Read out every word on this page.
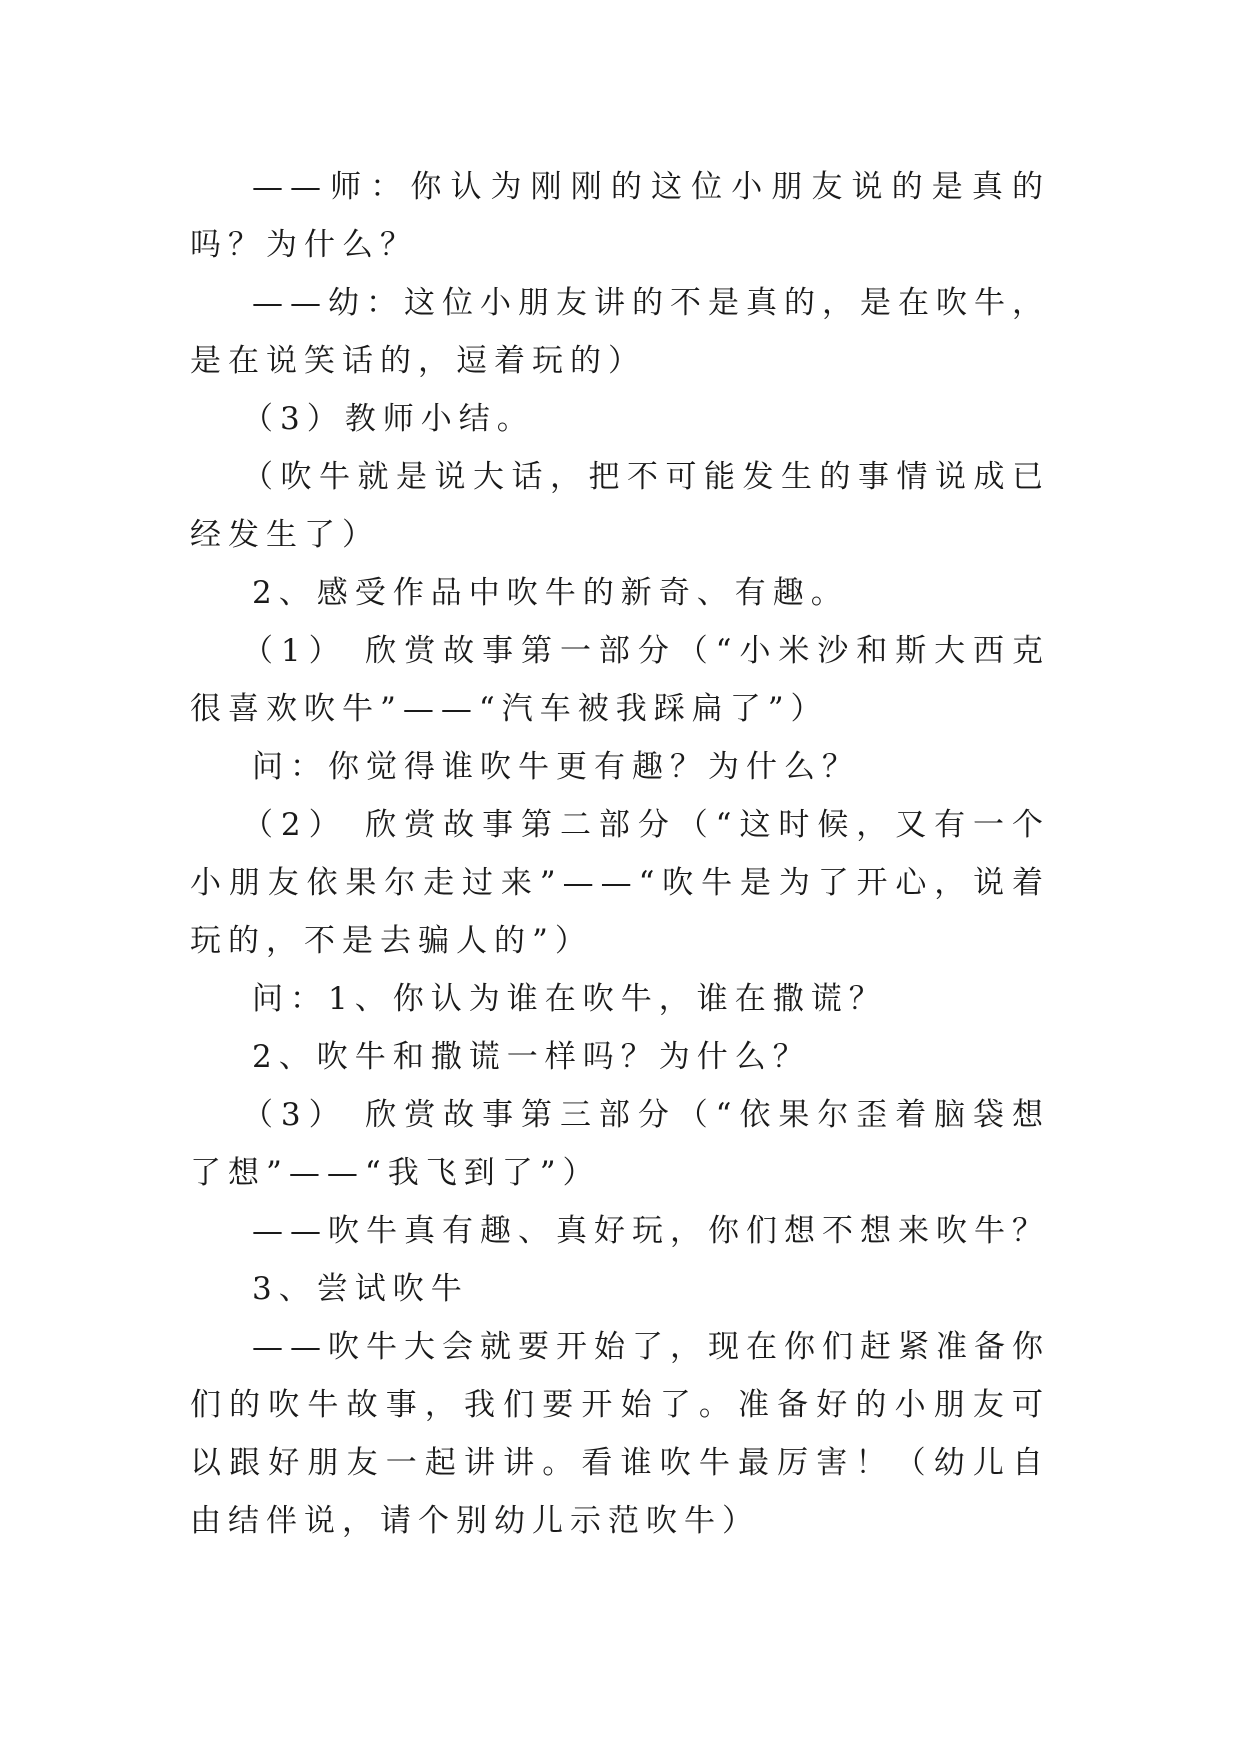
——师：你认为刚刚的这位小朋友说的是真的吗？为什么？

——幼：这位小朋友讲的不是真的，是在吹牛，是在说笑话的，逗着玩的）

（3）教师小结。

（吹牛就是说大话，把不可能发生的事情说成已经发生了）

2、感受作品中吹牛的新奇、有趣。

（1） 欣赏故事第一部分（“小米沙和斯大西克很喜欢吹牛”——“汽车被我踩扁了”）

问：你觉得谁吹牛更有趣？为什么？

（2） 欣赏故事第二部分（“这时候，又有一个小朋友依果尔走过来”——“吹牛是为了开心，说着玩的，不是去骗人的”）

问：1、你认为谁在吹牛，谁在撒谎？

2、吹牛和撒谎一样吗？为什么？

（3） 欣赏故事第三部分（“依果尔歪着脑袋想了想”——“我飞到了”）

——吹牛真有趣、真好玩，你们想不想来吹牛？

3、尝试吹牛

——吹牛大会就要开始了，现在你们赶紧准备你们的吹牛故事，我们要开始了。准备好的小朋友可以跟好朋友一起讲讲。看谁吹牛最厉害！（幼儿自由结伴说，请个别幼儿示范吹牛）
